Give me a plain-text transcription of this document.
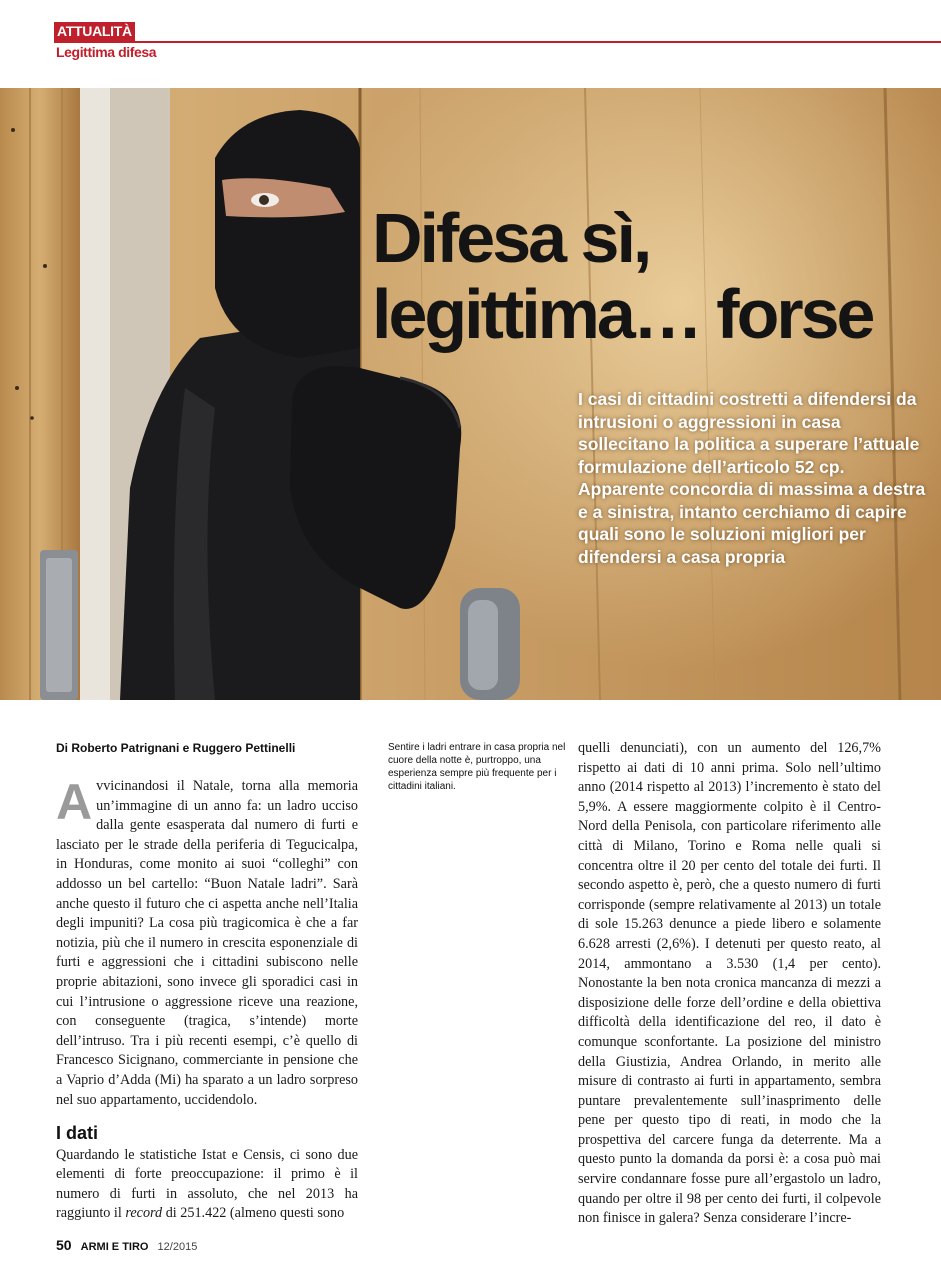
ATTUALITÀ
Legittima difesa
Difesa sì,
legittima… forse

I casi di cittadini costretti a difendersi da intrusioni o aggressioni in casa sollecitano la politica a superare l’attuale formulazione dell’articolo 52 cp. Apparente concordia di massima a destra e a sinistra, intanto cerchiamo di capire quali sono le soluzioni migliori per difendersi a casa propria

Di Roberto Patrignani e Ruggero Pettinelli	Sentire i ladri entrare in casa propria nel cuore della notte è, purtroppo, una esperienza sempre più frequente per i cittadini italiani.

Avvicinandosi il Natale, torna alla memoria un’immagine di un anno fa: un ladro ucciso dalla gente esasperata dal numero di furti e lasciato per le strade della periferia di Tegucicalpa, in Honduras, come monito ai suoi “colleghi” con addosso un bel cartello: “Buon Natale ladri”. Sarà anche questo il futuro che ci aspetta anche nell’Italia degli impuniti? La cosa più tragicomica è che a far notizia, più che il numero in crescita esponenziale di furti e aggressioni che i cittadini subiscono nelle proprie abitazioni, sono invece gli sporadici casi in cui l’intrusione o aggressione riceve una reazione, con conseguente (tragica, s’intende) morte dell’intruso. Tra i più recenti esempi, c’è quello di Francesco Sicignano, commerciante in pensione che a Vaprio d’Adda (Mi) ha sparato a un ladro sorpreso nel suo appartamento, uccidendolo.

I dati

Quardando le statistiche Istat e Censis, ci sono due elementi di forte preoccupazione: il primo è il numero di furti in assoluto, che nel 2013 ha raggiunto il record di 251.422 (almeno questi sono

quelli denunciati), con un aumento del 126,7% rispetto ai dati di 10 anni prima. Solo nell’ultimo anno (2014 rispetto al 2013) l’incremento è stato del 5,9%. A essere maggiormente colpito è il Centro-Nord della Penisola, con particolare riferimento alle città di Milano, Torino e Roma nelle quali si concentra oltre il 20 per cento del totale dei furti. Il secondo aspetto è, però, che a questo numero di furti corrisponde (sempre relativamente al 2013) un totale di sole 15.263 denunce a piede libero e solamente 6.628 arresti (2,6%). I detenuti per questo reato, al 2014, ammontano a 3.530 (1,4 per cento). Nonostante la ben nota cronica mancanza di mezzi a disposizione delle forze dell’ordine e della obiettiva difficoltà della identificazione del reo, il dato è comunque sconfortante. La posizione del ministro della Giustizia, Andrea Orlando, in merito alle misure di contrasto ai furti in appartamento, sembra puntare prevalentemente sull’inasprimento delle pene per questo tipo di reati, in modo che la prospettiva del carcere funga da deterrente. Ma a questo punto la domanda da porsi è: a cosa può mai servire condannare fosse pure all’ergastolo un ladro, quando per oltre il 98 per cento dei furti, il colpevole non finisce in galera? Senza considerare l’incre-

50 ARMI E TIRO 12/2015
